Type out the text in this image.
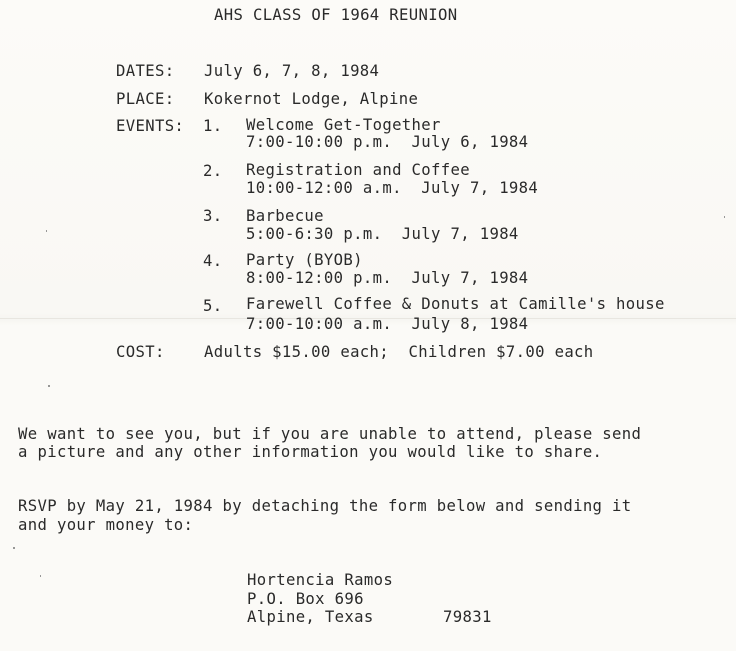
AHS CLASS OF 1964 REUNION
DATES: July 6, 7, 8, 1984
PLACE: Kokernot Lodge, Alpine
EVENTS: 1. Welcome Get-Together
7:00-10:00 p.m.  July 6, 1984
2. Registration and Coffee
10:00-12:00 a.m.  July 7, 1984
3. Barbecue
5:00-6:30 p.m.  July 7, 1984
4. Party (BYOB)
8:00-12:00 p.m.  July 7, 1984
5. Farewell Coffee & Donuts at Camille's house
7:00-10:00 a.m.  July 8, 1984
COST:	Adults $15.00 each;  Children $7.00 each
We want to see you, but if you are unable to attend, please send
a picture and any other information you would like to share.
RSVP by May 21, 1984 by detaching the form below and sending it
and your money to:
Hortencia Ramos
P.O. Box 696
Alpine, Texas	79831
